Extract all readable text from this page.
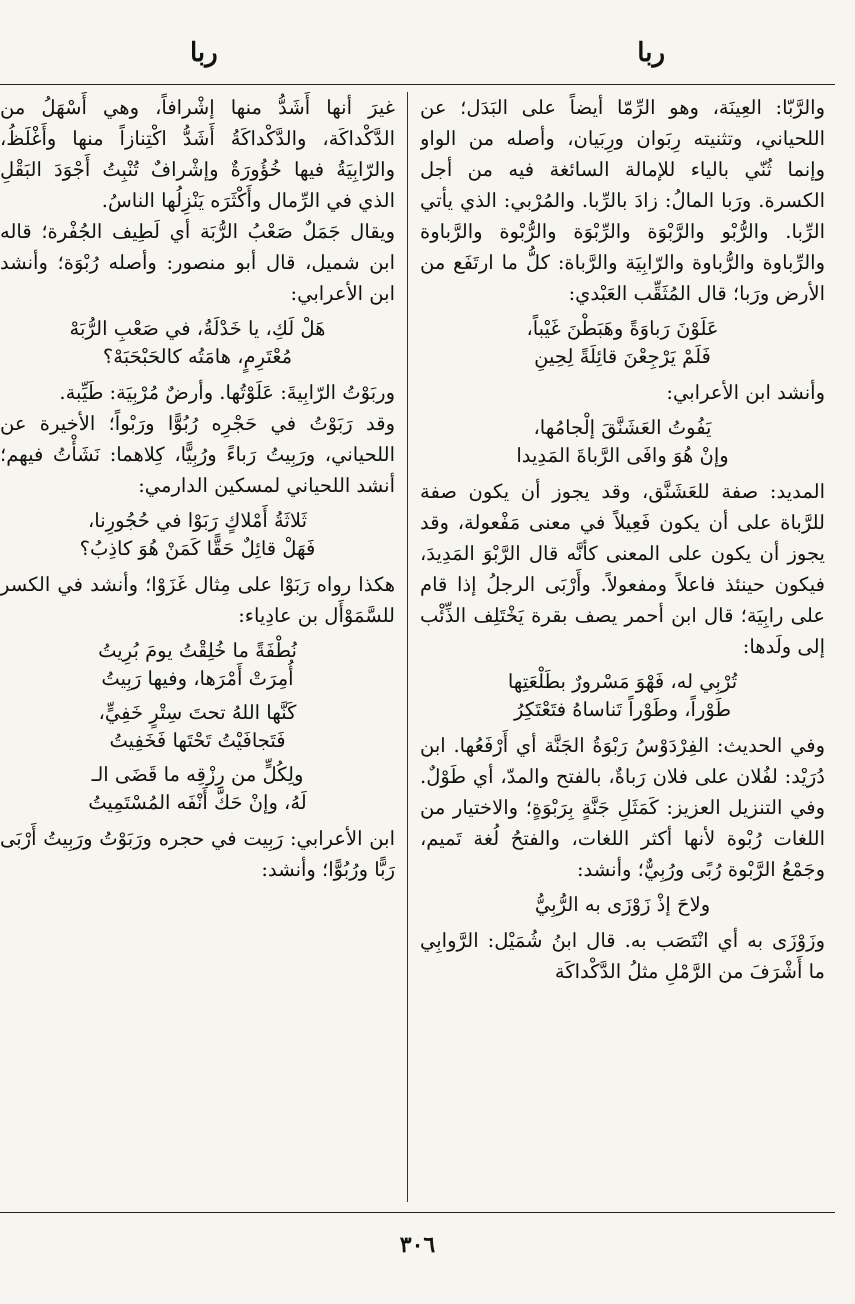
ربا
ربا

والرَّبّا: العِينَة، وهو الرِّمّا أيضاً على البَدَل؛ عن اللحياني، وتثنيته رِبَوان ورِبَيان، وأصله من الواو وإنما ثُنّي بالياء للإمالة السائغة فيه من أجل الكسرة. ورَبا المالُ: زادَ بالرِّبا. والمُرْبي: الذي يأتي الرِّبا. والرُّبْو والرَّبْوَة والرِّبْوَة والرُّبْوة والرَّباوة والرِّباوة والرُّباوة والرّابِيَة والرَّباة: كلُّ ما ارتَفَع من الأرض ورَبا؛ قال المُثَقِّب العَبْدي:

عَلَوْنَ رَباوَةً وهَبَطْنَ غَيْباً،
فَلَمْ يَرْجِعْنَ قائِلَةً لِحِينِ

وأنشد ابن الأعرابي:

يَفُوتُ العَشَنَّقَ إلْجامُها،
وإنْ هُوَ وافَى الرَّباةَ المَدِيدا

المديد: صفة للعَشَنَّق، وقد يجوز أن يكون صفة للرَّباة على أن يكون فَعِيلاً في معنى مَفْعولة، وقد يجوز أن يكون على المعنى كأنَّه قال الرَّبْوَ المَدِيدَ، فيكون حينئذ فاعلاً ومفعولاً. وأَرْبَى الرجلُ إذا قام على رابِيَة؛ قال ابن أحمر يصف بقرة يَخْتَلِف الذِّئْب إلى ولَدها:

تُرْبِي له، فَهْوَ مَسْرورٌ بطَلْعَتِها
طَوْراً، وطَوْراً تَناساهُ فتَعْتَكِرُ

وفي الحديث: الفِرْدَوْسُ رَبْوَةُ الجَنَّة أي أَرْفَعُها. ابن دُرَيْد: لفُلان على فلان رَباةٌ، بالفتح والمدّ، أي طَوْلٌ. وفي التنزيل العزيز: كَمَثَلِ جَنَّةٍ بِرَبْوَةٍ؛ والاختيار من اللغات رُبْوة لأنها أكثر اللغات، والفتحُ لُغة تَميم، وجَمْعُ الرَّبْوة رُبًى ورُبِيٌّ؛ وأنشد:

ولاحَ إذْ زَوْزَى به الرُّبِيُّ

وزَوْزَى به أي انْتَصَب به. قال ابنُ شُمَيْل: الرَّوابِي ما أَشْرَفَ من الرَّمْلِ مثلُ الدَّكْداكَة

غيرَ أنها أَشَدُّ منها إشْرافاً، وهي أَسْهَلُ من الدَّكْداكَة، والدَّكْداكَةُ أَشَدُّ اكْتِنازاً منها وأَغْلَظُ، والرّابِيَةُ فيها خُؤُورَةٌ وإشْرافٌ تُنْبِتُ أَجْوَدَ البَقْلِ الذي في الرِّمال وأَكْثَرَه يَنْزِلُها الناسُ.

ويقال جَمَلٌ صَعْبُ الرُّبَة أي لَطِيف الجُفْرة؛ قاله ابن شميل، قال أبو منصور: وأصله رُبْوَة؛ وأنشد ابن الأعرابي:

هَلْ لَكِ، يا خَدْلَةُ، في صَعْبِ الرُّبَهْ
مُعْتَرِمٍ، هامَتُه كالحَبْحَبَهْ؟

وربَوْتُ الرّابِيةَ: عَلَوْتُها. وأرضٌ مُرْبِيَة: طَيِّبة.

وقد رَبَوْتُ في حَجْرِه رُبُوًّا ورَبْواً؛ الأخيرة عن اللحياني، ورَبِيتُ رَباءً ورُبِيًّا، كِلاهما: نَشَأْتُ فيهم؛ أنشد اللحياني لمسكين الدارمي:

ثَلاثَةُ أَمْلاكٍ رَبَوْا في حُجُورِنا،
فَهَلْ قائِلٌ حَقًّا كَمَنْ هُوَ كاذِبُ؟

هكذا رواه رَبَوْا على مِثال غَزَوْا؛ وأنشد في الكسر للسَّمَوْأَل بن عادِياء:

نُطْفَةً ما خُلِقْتُ يومَ بُرِيتُ
أُمِرَتْ أَمْرَها، وفيها رَبِيتُ

كَنَّها اللهُ تحتَ سِتْرٍ خَفِيٍّ،
فَتَجافَيْتُ تَحْتَها فَخَفِيتُ

ولِكُلٍّ من رِزْقِه ما قَضَى الـ
لَهُ، وإنْ حَكَّ أَنْفَه المُسْتَمِيتُ

ابن الأعرابي: رَبِيت في حجره ورَبَوْتُ ورَبِيتُ أَرْبَى رَبًّا ورُبُوًّا؛ وأنشد:

٣٠٦
